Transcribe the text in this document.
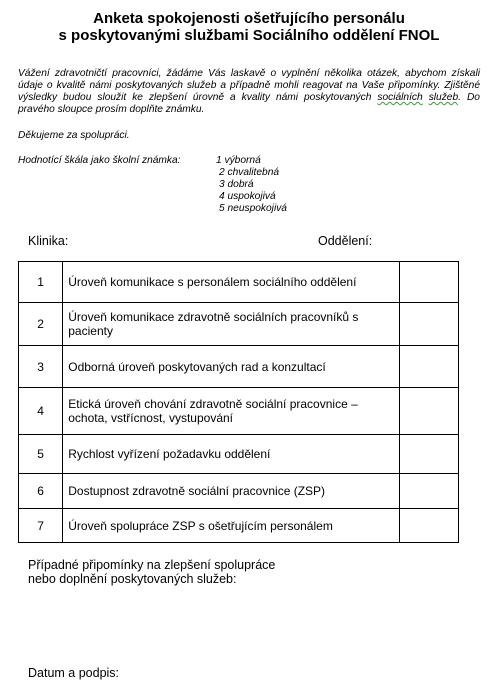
Anketa spokojenosti ošetřujícího personálu
s poskytovanými službami Sociálního oddělení FNOL

Vážení zdravotničtí pracovníci, žádáme Vás laskavě o vyplnění několika otázek, abychom získali údaje o kvalitě námi poskytovaných služeb a případně mohli reagovat na Vaše připomínky. Zjištěné výsledky budou sloužit ke zlepšení úrovně a kvality námi poskytovaných sociálních služeb. Do pravého sloupce prosím doplňte známku.

Děkujeme za spolupráci.
Hodnotící škála jako školní známka:	1 výborná
2 chvalitebná
3 dobrá
4 uspokojivá
5 neuspokojivá
Klinika:	Oddělení:
1	Úroveň komunikace s personálem sociálního oddělení	
2	Úroveň komunikace zdravotně sociálních pracovníků s pacienty	
3	Odborná úroveň poskytovaných rad a konzultací	
4	Etická úroveň chování zdravotně sociální pracovnice – ochota, vstřícnost, vystupování	
5	Rychlost vyřízení požadavku oddělení	
6	Dostupnost zdravotně sociální pracovnice (ZSP)	
7	Úroveň spolupráce ZSP s ošetřujícím personálem	
Případné připomínky na zlepšení spolupráce
nebo doplnění poskytovaných služeb:
Datum a podpis:
